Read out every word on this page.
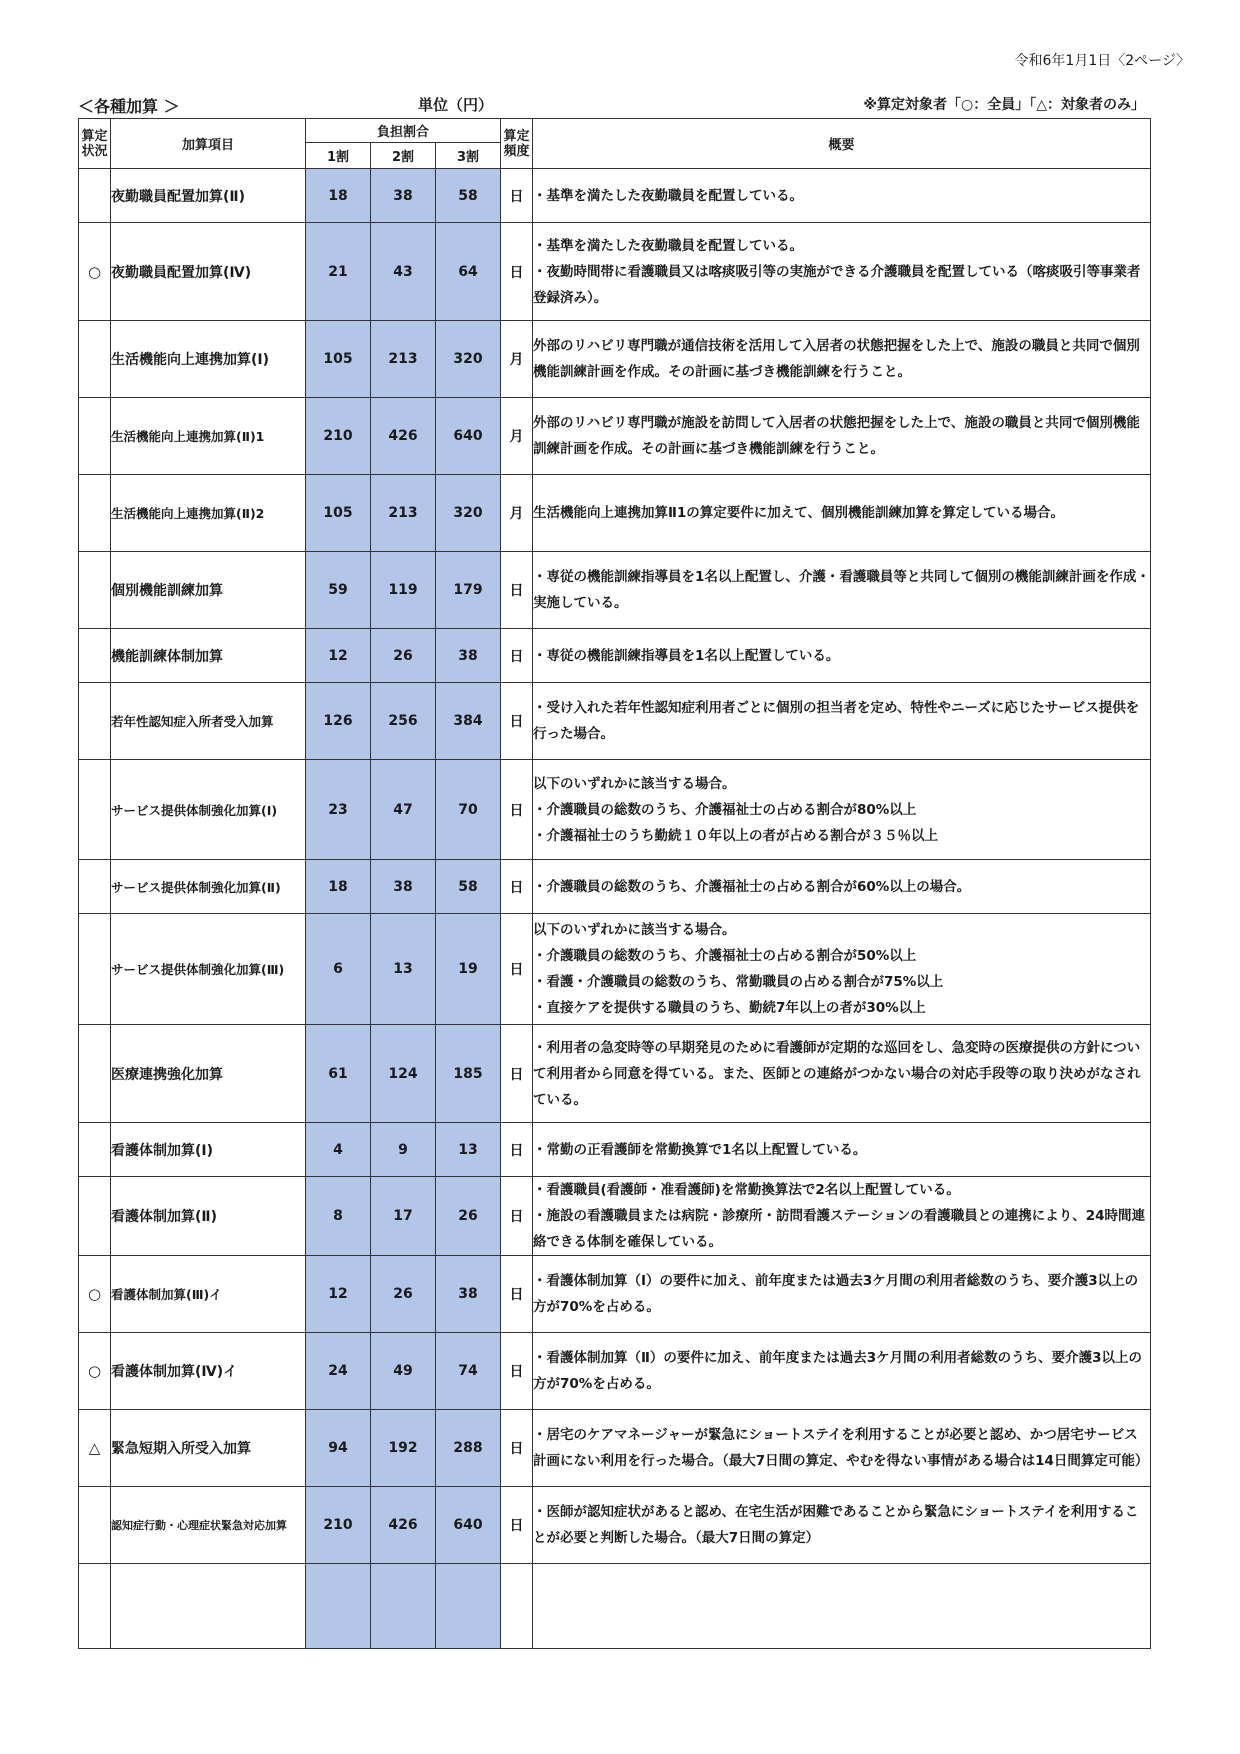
令和6年1月1日〈2ページ〉
＜各種加算 ＞	単位（円）	※算定対象者「○：全員」「△：対象者のみ」
算定状況	加算項目	負担割合			算定頻度	概要
		1割	2割	3割		
	夜勤職員配置加算(Ⅱ)	18	38	58	日	・基準を満たした夜勤職員を配置している。

○	夜勤職員配置加算(Ⅳ)	21	43	64	日	・基準を満たした夜勤職員を配置している。
・夜勤時間帯に看護職員又は喀痰吸引等の実施ができる介護職員を配置している（喀痰吸引等事業者登録済み）。

	生活機能向上連携加算(Ⅰ)	105	213	320	月	外部のリハビリ専門職が通信技術を活用して入居者の状態把握をした上で、施設の職員と共同で個別機能訓練計画を作成。その計画に基づき機能訓練を行うこと。

	生活機能向上連携加算(Ⅱ)1	210	426	640	月	外部のリハビリ専門職が施設を訪問して入居者の状態把握をした上で、施設の職員と共同で個別機能訓練計画を作成。その計画に基づき機能訓練を行うこと。

	生活機能向上連携加算(Ⅱ)2	105	213	320	月	生活機能向上連携加算Ⅱ1の算定要件に加えて、個別機能訓練加算を算定している場合。

	個別機能訓練加算	59	119	179	日	・専従の機能訓練指導員を1名以上配置し、介護・看護職員等と共同して個別の機能訓練計画を作成・実施している。

	機能訓練体制加算	12	26	38	日	・専従の機能訓練指導員を1名以上配置している。

	若年性認知症入所者受入加算	126	256	384	日	・受け入れた若年性認知症利用者ごとに個別の担当者を定め、特性やニーズに応じたサービス提供を行った場合。

	サービス提供体制強化加算(Ⅰ)	23	47	70	日	以下のいずれかに該当する場合。
・介護職員の総数のうち、介護福祉士の占める割合が80%以上
・介護福祉士のうち勤続１０年以上の者が占める割合が３５％以上

	サービス提供体制強化加算(Ⅱ)	18	38	58	日	・介護職員の総数のうち、介護福祉士の占める割合が60%以上の場合。

	サービス提供体制強化加算(Ⅲ)	6	13	19	日	以下のいずれかに該当する場合。
・介護職員の総数のうち、介護福祉士の占める割合が50%以上
・看護・介護職員の総数のうち、常勤職員の占める割合が75%以上
・直接ケアを提供する職員のうち、勤続7年以上の者が30%以上

	医療連携強化加算	61	124	185	日	・利用者の急変時等の早期発見のために看護師が定期的な巡回をし、急変時の医療提供の方針について利用者から同意を得ている。また、医師との連絡がつかない場合の対応手段等の取り決めがなされている。

	看護体制加算(Ⅰ)	4	9	13	日	・常勤の正看護師を常勤換算で1名以上配置している。

	看護体制加算(Ⅱ)	8	17	26	日	・看護職員(看護師・准看護師)を常勤換算法で2名以上配置している。
・施設の看護職員または病院・診療所・訪問看護ステーションの看護職員との連携により、24時間連絡できる体制を確保している。

○	看護体制加算(Ⅲ)イ	12	26	38	日	・看護体制加算（Ⅰ）の要件に加え、前年度または過去3ケ月間の利用者総数のうち、要介護3以上の方が70%を占める。

○	看護体制加算(Ⅳ)イ	24	49	74	日	・看護体制加算（Ⅱ）の要件に加え、前年度または過去3ケ月間の利用者総数のうち、要介護3以上の方が70%を占める。

△	緊急短期入所受入加算	94	192	288	日	・居宅のケアマネージャーが緊急にショートステイを利用することが必要と認め、かつ居宅サービス計画にない利用を行った場合。（最大7日間の算定、やむを得ない事情がある場合は14日間算定可能）

	認知症行動・心理症状緊急対応加算	210	426	640	日	・医師が認知症状があると認め、在宅生活が困難であることから緊急にショートステイを利用することが必要と判断した場合。（最大7日間の算定）
